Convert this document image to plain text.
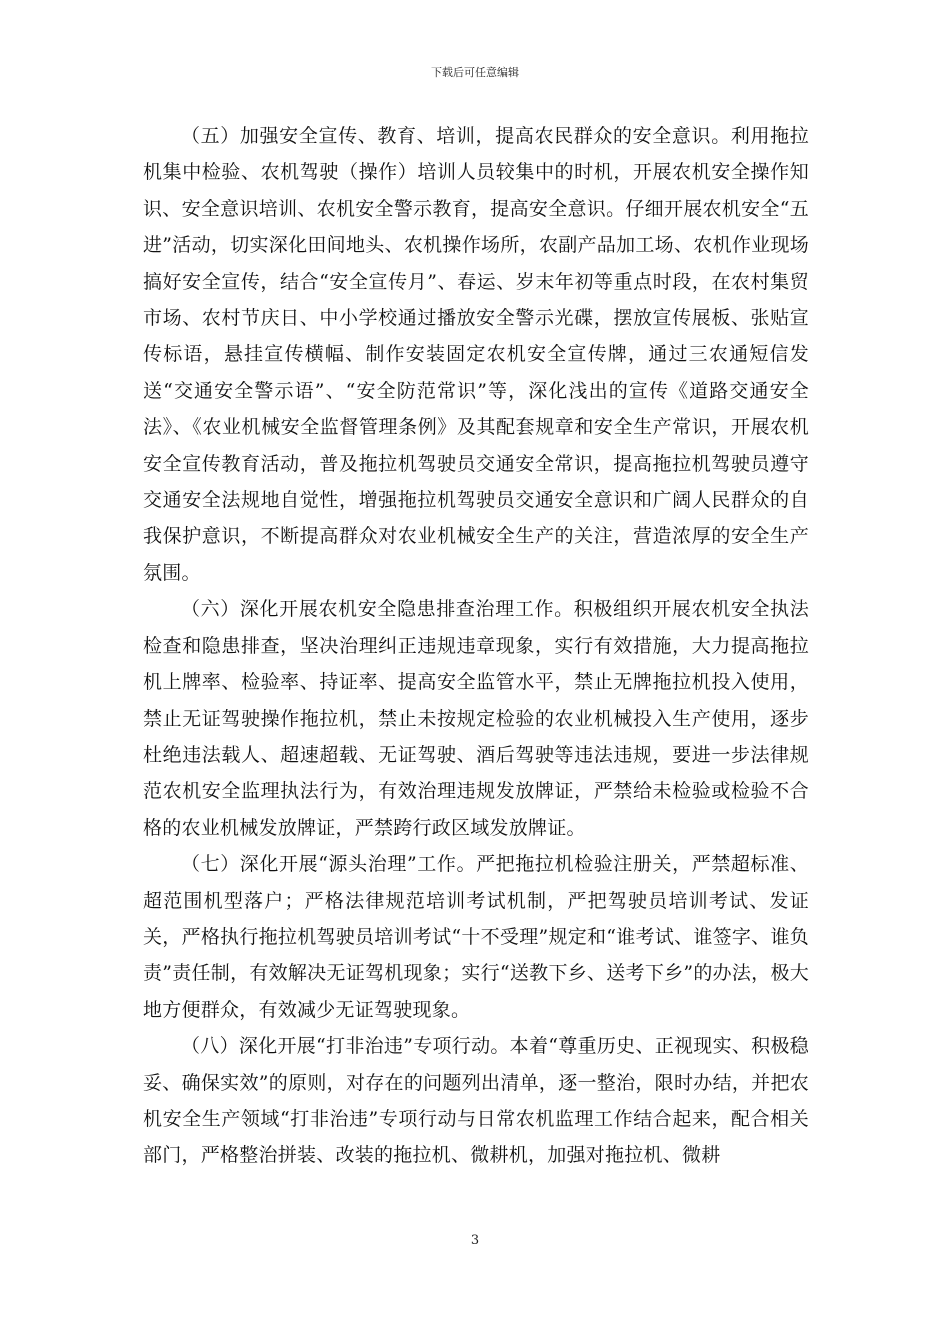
下载后可任意编辑

（五）加强安全宣传、教育、培训，提高农民群众的安全意识。利用拖拉机集中检验、农机驾驶（操作）培训人员较集中的时机，开展农机安全操作知识、安全意识培训、农机安全警示教育，提高安全意识。仔细开展农机安全“五进”活动，切实深化田间地头、农机操作场所，农副产品加工场、农机作业现场搞好安全宣传，结合“安全宣传月”、春运、岁末年初等重点时段，在农村集贸市场、农村节庆日、中小学校通过播放安全警示光碟，摆放宣传展板、张贴宣传标语，悬挂宣传横幅、制作安装固定农机安全宣传牌，通过三农通短信发送“交通安全警示语”、“安全防范常识”等，深化浅出的宣传《道路交通安全法》、《农业机械安全监督管理条例》及其配套规章和安全生产常识，开展农机安全宣传教育活动，普及拖拉机驾驶员交通安全常识，提高拖拉机驾驶员遵守交通安全法规地自觉性，增强拖拉机驾驶员交通安全意识和广阔人民群众的自我保护意识，不断提高群众对农业机械安全生产的关注，营造浓厚的安全生产氛围。

（六）深化开展农机安全隐患排查治理工作。积极组织开展农机安全执法检查和隐患排查，坚决治理纠正违规违章现象，实行有效措施，大力提高拖拉机上牌率、检验率、持证率、提高安全监管水平，禁止无牌拖拉机投入使用，禁止无证驾驶操作拖拉机，禁止未按规定检验的农业机械投入生产使用，逐步杜绝违法载人、超速超载、无证驾驶、酒后驾驶等违法违规，要进一步法律规范农机安全监理执法行为，有效治理违规发放牌证，严禁给未检验或检验不合格的农业机械发放牌证，严禁跨行政区域发放牌证。

（七）深化开展“源头治理”工作。严把拖拉机检验注册关，严禁超标准、超范围机型落户；严格法律规范培训考试机制，严把驾驶员培训考试、发证关，严格执行拖拉机驾驶员培训考试“十不受理”规定和“谁考试、谁签字、谁负责”责任制，有效解决无证驾机现象；实行“送教下乡、送考下乡”的办法，极大地方便群众，有效减少无证驾驶现象。

（八）深化开展“打非治违”专项行动。本着“尊重历史、正视现实、积极稳妥、确保实效”的原则，对存在的问题列出清单，逐一整治，限时办结，并把农机安全生产领域“打非治违”专项行动与日常农机监理工作结合起来，配合相关部门，严格整治拼装、改装的拖拉机、微耕机，加强对拖拉机、微耕

3
